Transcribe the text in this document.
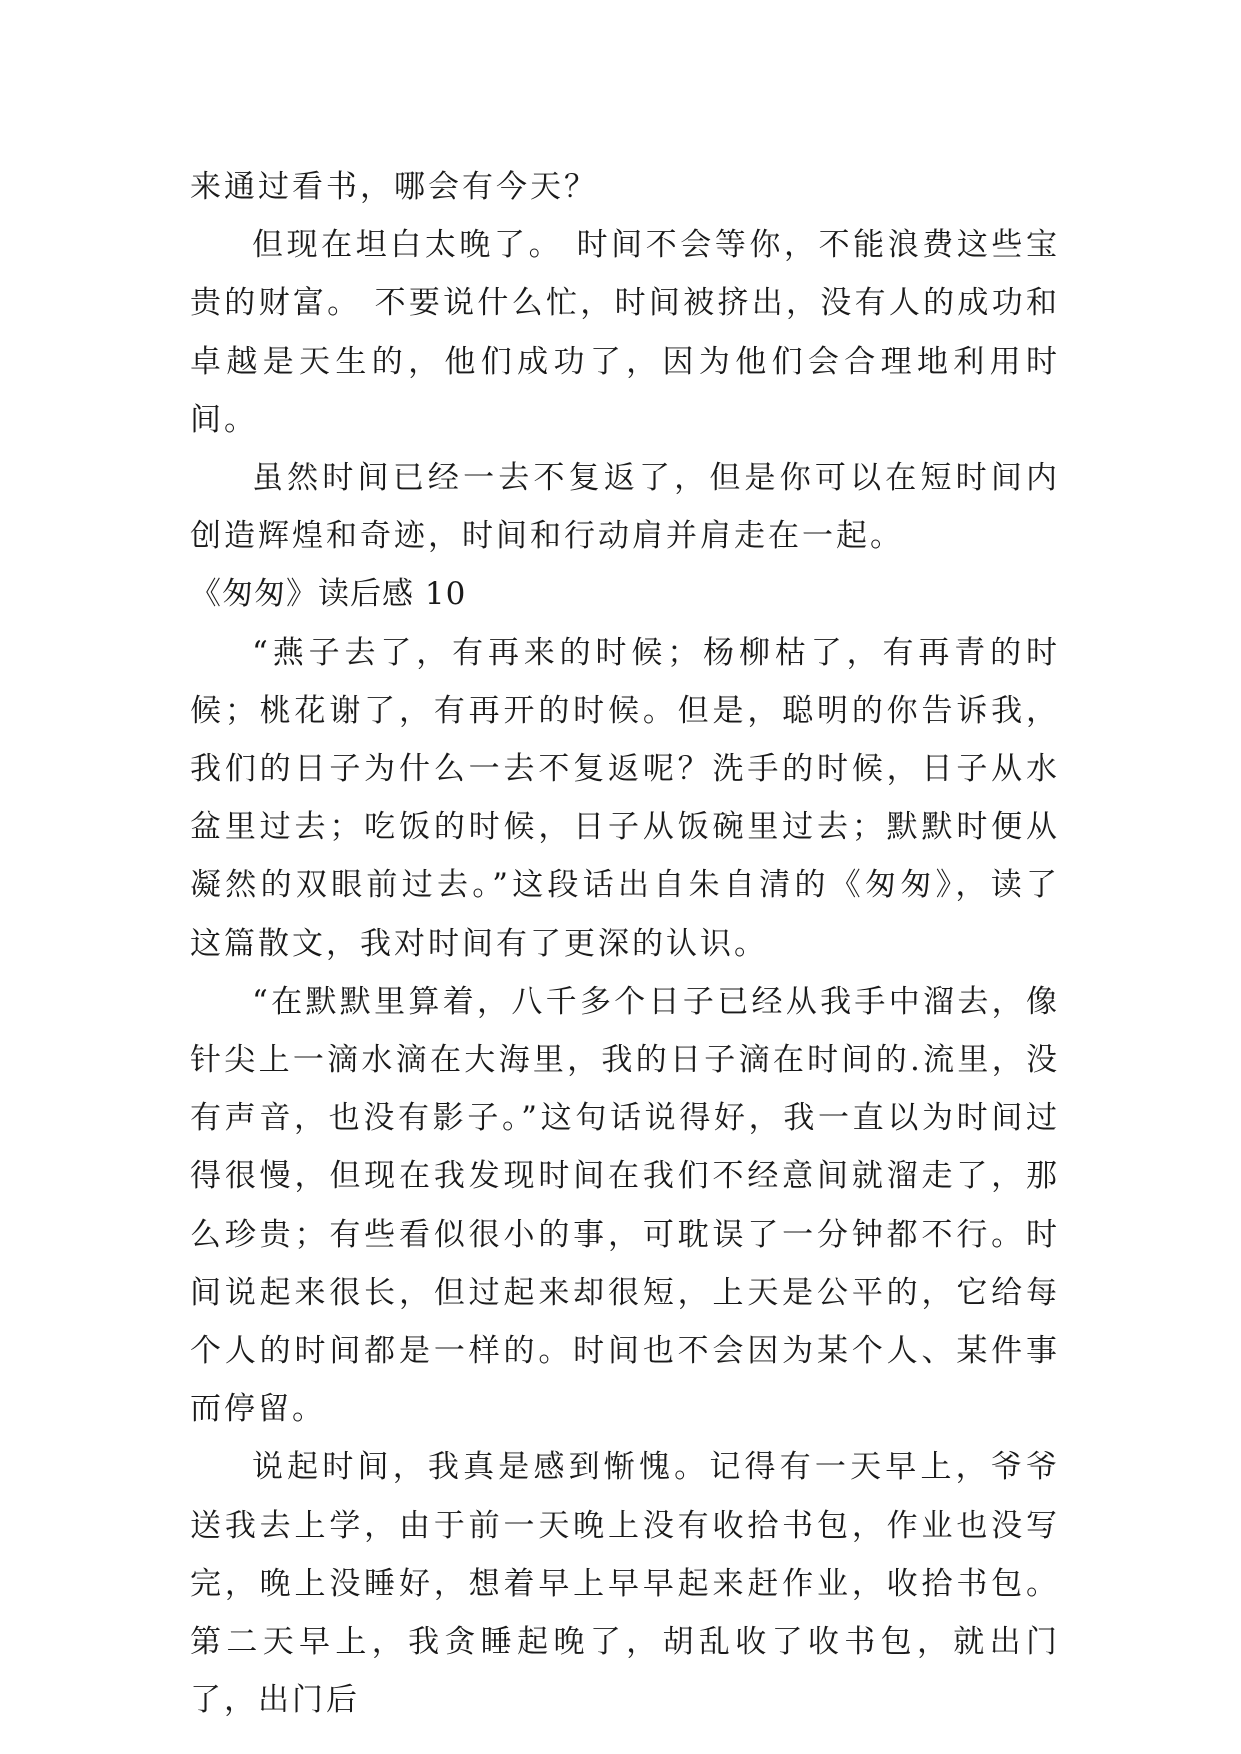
来通过看书，哪会有今天？

但现在坦白太晚了。 时间不会等你，不能浪费这些宝贵的财富。 不要说什么忙，时间被挤出，没有人的成功和卓越是天生的，他们成功了，因为他们会合理地利用时间。

虽然时间已经一去不复返了，但是你可以在短时间内创造辉煌和奇迹，时间和行动肩并肩走在一起。

《匆匆》读后感 10

“燕子去了，有再来的时候；杨柳枯了，有再青的时候；桃花谢了，有再开的时候。但是，聪明的你告诉我，我们的日子为什么一去不复返呢？洗手的时候，日子从水盆里过去；吃饭的时候，日子从饭碗里过去；默默时便从凝然的双眼前过去。”这段话出自朱自清的《匆匆》，读了这篇散文，我对时间有了更深的认识。

“在默默里算着，八千多个日子已经从我手中溜去，像针尖上一滴水滴在大海里，我的日子滴在时间的.流里，没有声音，也没有影子。”这句话说得好，我一直以为时间过得很慢，但现在我发现时间在我们不经意间就溜走了，那么珍贵；有些看似很小的事，可耽误了一分钟都不行。时间说起来很长，但过起来却很短，上天是公平的，它给每个人的时间都是一样的。时间也不会因为某个人、某件事而停留。

说起时间，我真是感到惭愧。记得有一天早上，爷爷送我去上学，由于前一天晚上没有收拾书包，作业也没写完，晚上没睡好，想着早上早早起来赶作业，收拾书包。第二天早上，我贪睡起晚了，胡乱收了收书包，就出门了，出门后
